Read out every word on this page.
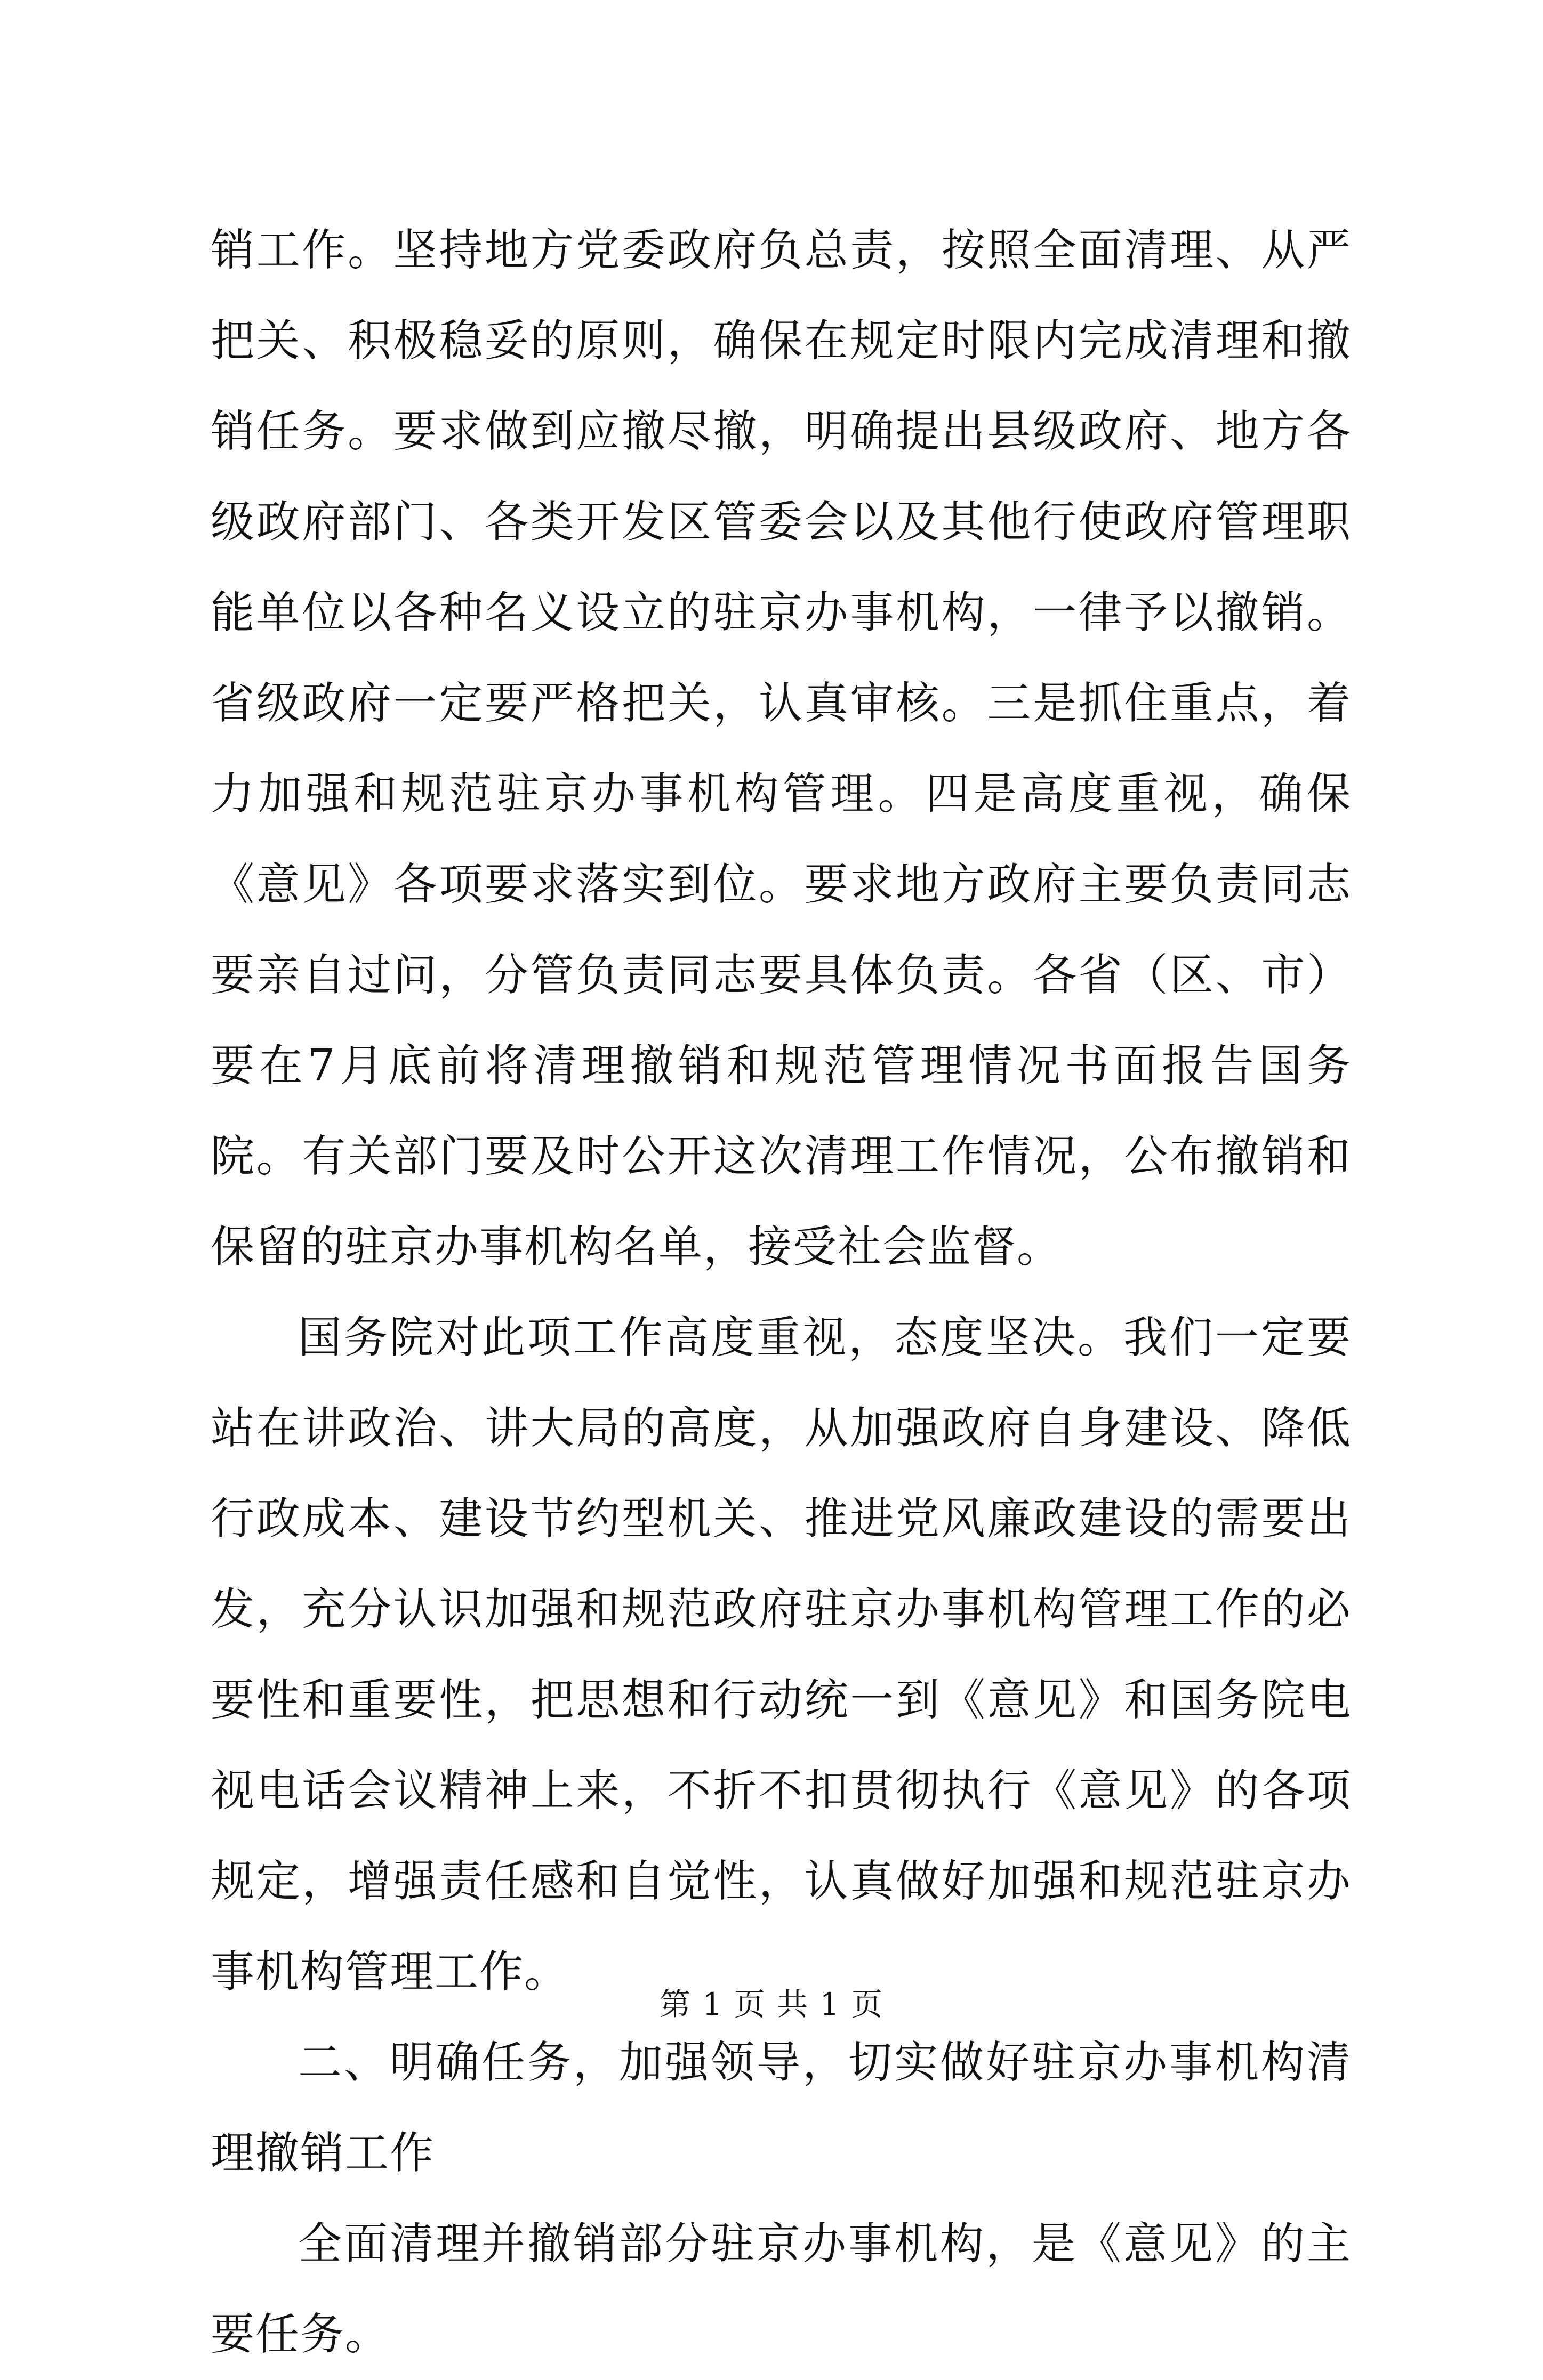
销工作。坚持地方党委政府负总责，按照全面清理、从严把关、积极稳妥的原则，确保在规定时限内完成清理和撤销任务。要求做到应撤尽撤，明确提出县级政府、地方各级政府部门、各类开发区管委会以及其他行使政府管理职能单位以各种名义设立的驻京办事机构，一律予以撤销。省级政府一定要严格把关，认真审核。三是抓住重点，着力加强和规范驻京办事机构管理。四是高度重视，确保《意见》各项要求落实到位。要求地方政府主要负责同志要亲自过问，分管负责同志要具体负责。各省（区、市）要在7月底前将清理撤销和规范管理情况书面报告国务院。有关部门要及时公开这次清理工作情况，公布撤销和保留的驻京办事机构名单，接受社会监督。

国务院对此项工作高度重视，态度坚决。我们一定要站在讲政治、讲大局的高度，从加强政府自身建设、降低行政成本、建设节约型机关、推进党风廉政建设的需要出发，充分认识加强和规范政府驻京办事机构管理工作的必要性和重要性，把思想和行动统一到《意见》和国务院电视电话会议精神上来，不折不扣贯彻执行《意见》的各项规定，增强责任感和自觉性，认真做好加强和规范驻京办事机构管理工作。

二、明确任务，加强领导，切实做好驻京办事机构清理撤销工作

全面清理并撤销部分驻京办事机构，是《意见》的主要任务。

第 1 页 共 1 页
